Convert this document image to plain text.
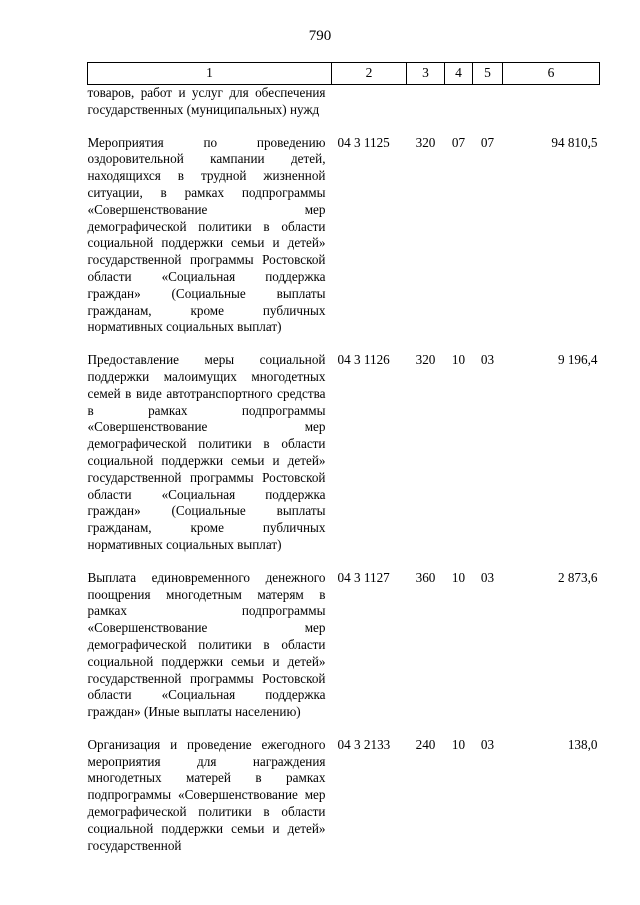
790
1	2	3	4	5	6
товаров, работ и услуг для обеспечения государственных (муниципальных) нужд					
Мероприятия по проведению оздоровительной кампании детей, находящихся в трудной жизненной ситуации, в рамках подпрограммы «Совершенствование мер демографической политики в области социальной поддержки семьи и детей» государственной программы Ростовской области «Социальная поддержка граждан» (Социальные выплаты гражданам, кроме публичных нормативных социальных выплат)	04 3 1125	320	07	07	94 810,5
Предоставление меры социальной поддержки малоимущих многодетных семей в виде автотранспортного средства в рамках подпрограммы «Совершенствование мер демографической политики в области социальной поддержки семьи и детей» государственной программы Ростовской области «Социальная поддержка граждан» (Социальные выплаты гражданам, кроме публичных нормативных социальных выплат)	04 3 1126	320	10	03	9 196,4
Выплата единовременного денежного поощрения многодетным матерям в рамках подпрограммы «Совершенствование мер демографической политики в области социальной поддержки семьи и детей» государственной программы Ростовской области «Социальная поддержка граждан» (Иные выплаты населению)	04 3 1127	360	10	03	2 873,6
Организация и проведение ежегодного мероприятия для награждения многодетных матерей в рамках подпрограммы «Совершенствование мер демографической политики в области социальной поддержки семьи и детей» государственной	04 3 2133	240	10	03	138,0
